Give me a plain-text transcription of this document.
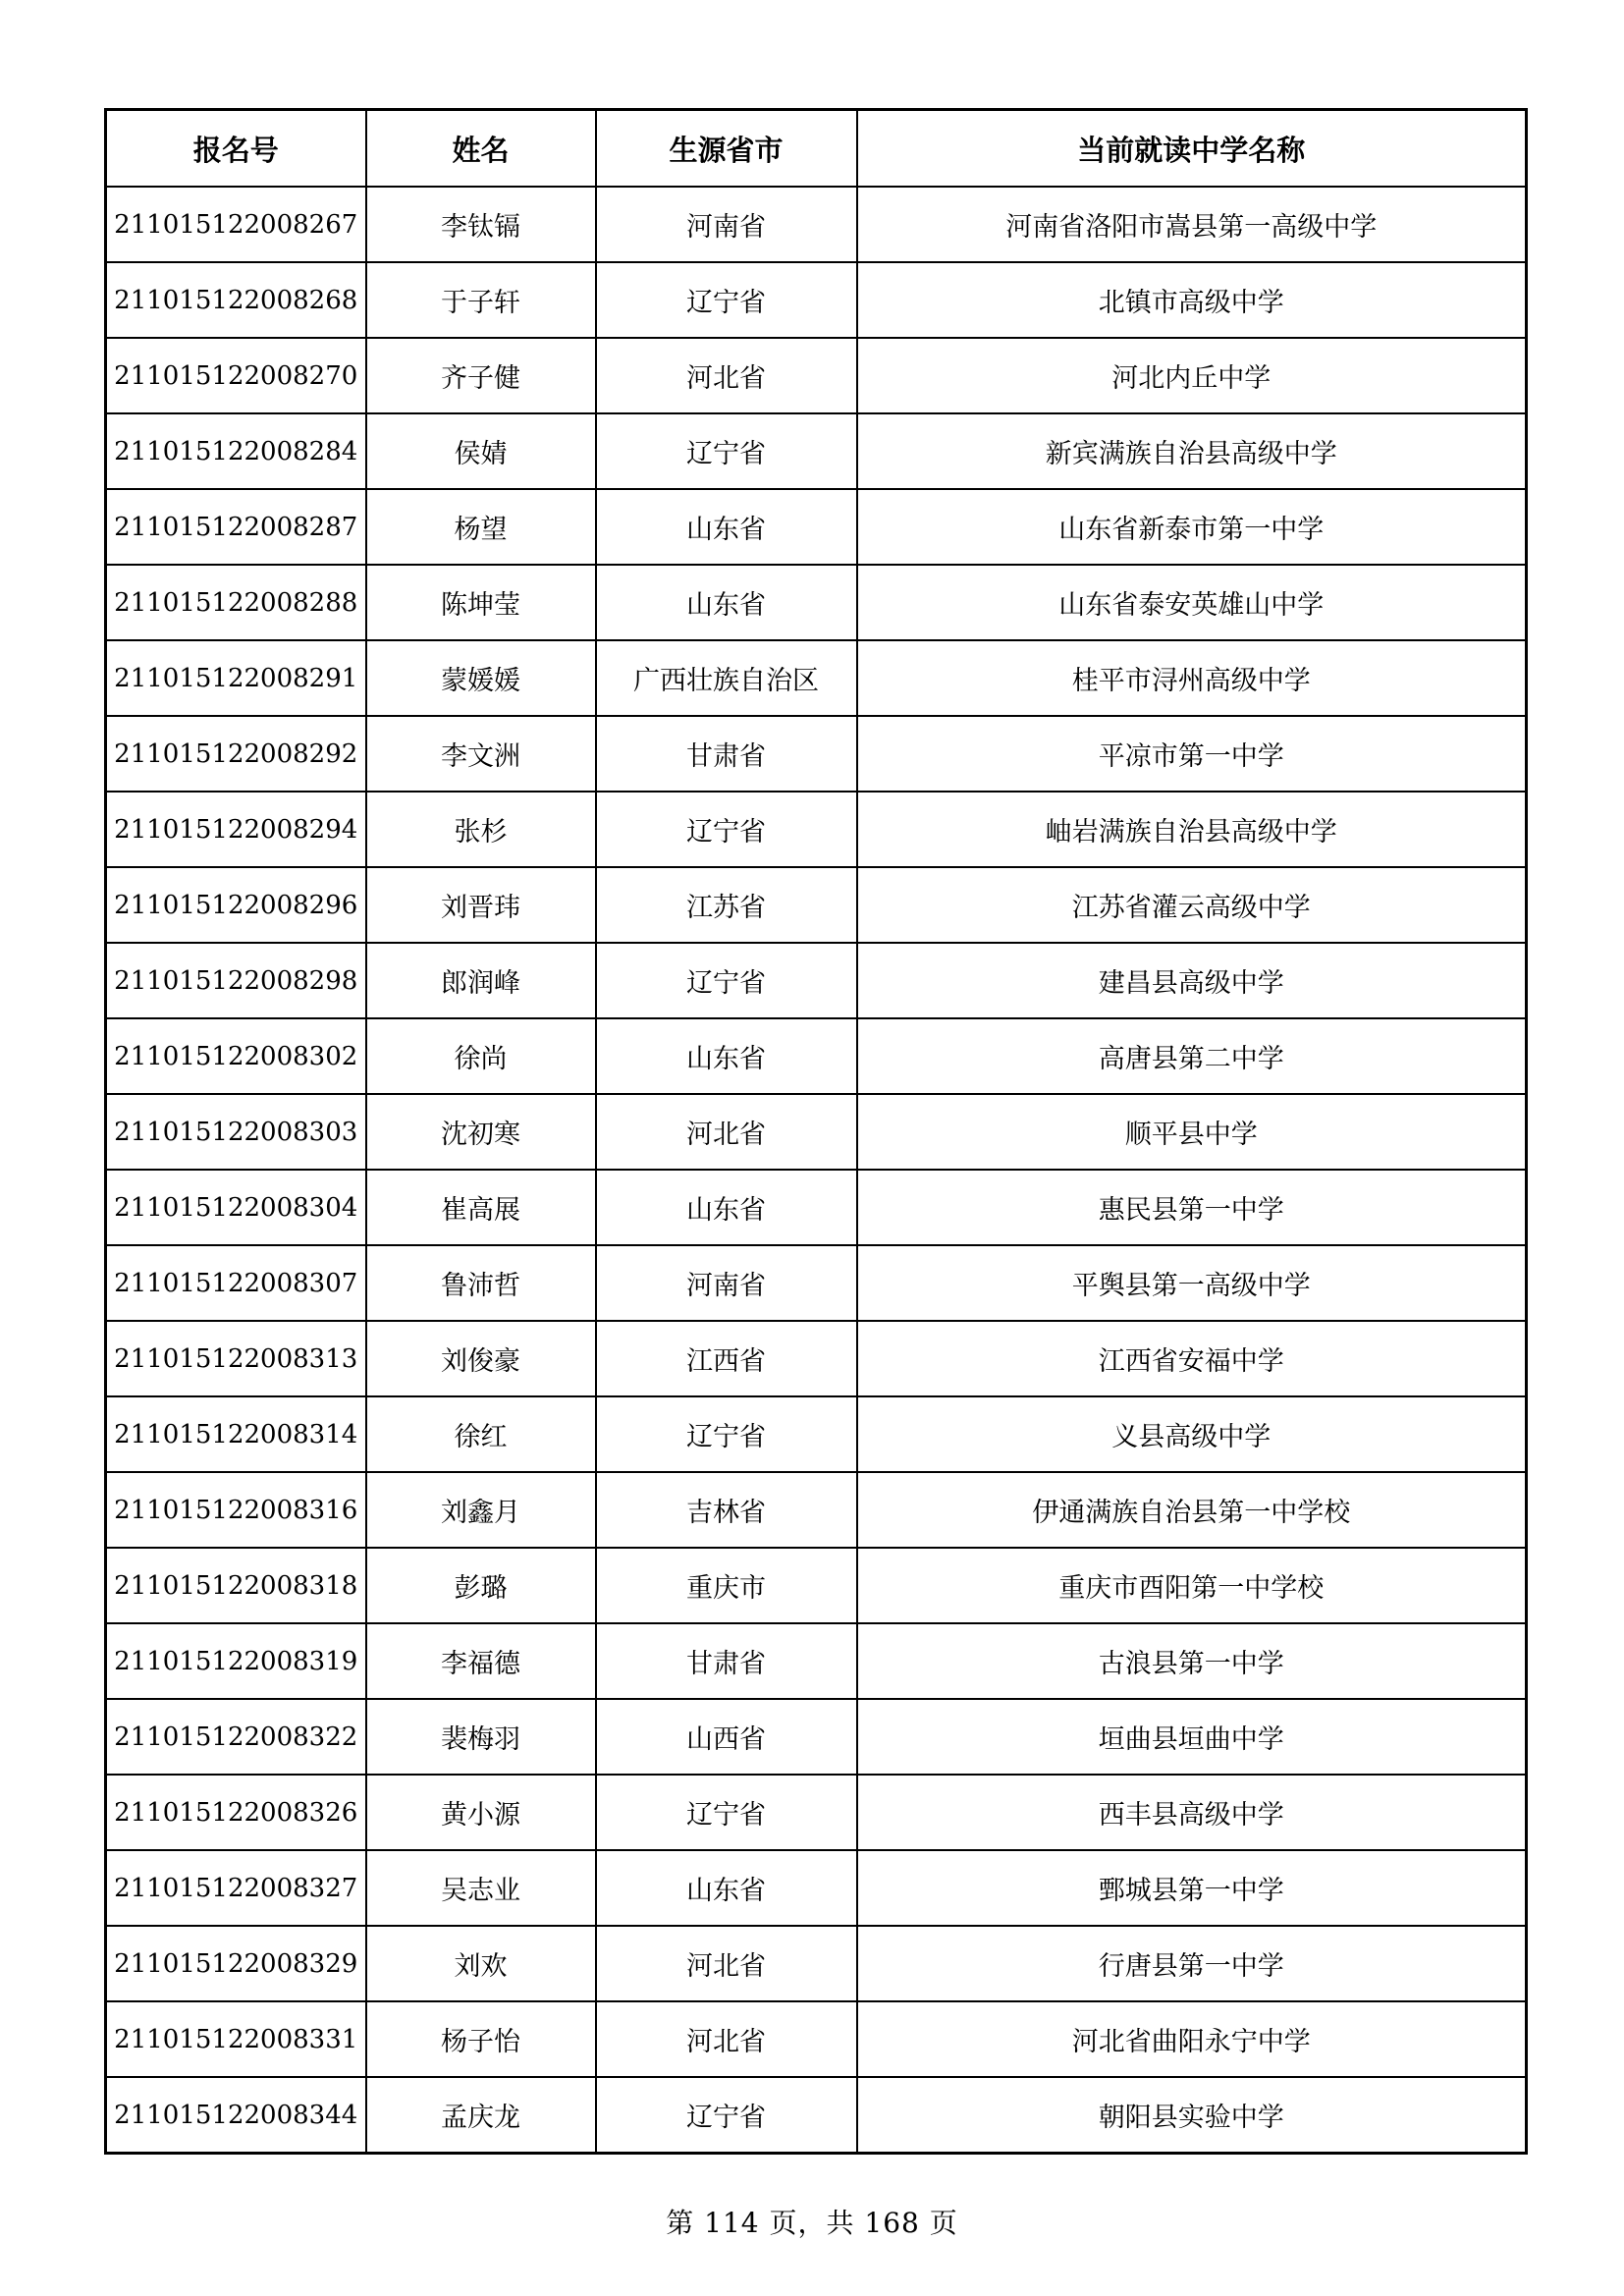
报名号	姓名	生源省市	当前就读中学名称
211015122008267	李钛镉	河南省	河南省洛阳市嵩县第一高级中学
211015122008268	于子轩	辽宁省	北镇市高级中学
211015122008270	齐子健	河北省	河北内丘中学
211015122008284	侯婧	辽宁省	新宾满族自治县高级中学
211015122008287	杨望	山东省	山东省新泰市第一中学
211015122008288	陈坤莹	山东省	山东省泰安英雄山中学
211015122008291	蒙媛媛	广西壮族自治区	桂平市浔州高级中学
211015122008292	李文洲	甘肃省	平凉市第一中学
211015122008294	张杉	辽宁省	岫岩满族自治县高级中学
211015122008296	刘晋玮	江苏省	江苏省灌云高级中学
211015122008298	郎润峰	辽宁省	建昌县高级中学
211015122008302	徐尚	山东省	高唐县第二中学
211015122008303	沈初寒	河北省	顺平县中学
211015122008304	崔高展	山东省	惠民县第一中学
211015122008307	鲁沛哲	河南省	平舆县第一高级中学
211015122008313	刘俊豪	江西省	江西省安福中学
211015122008314	徐红	辽宁省	义县高级中学
211015122008316	刘鑫月	吉林省	伊通满族自治县第一中学校
211015122008318	彭璐	重庆市	重庆市酉阳第一中学校
211015122008319	李福德	甘肃省	古浪县第一中学
211015122008322	裴梅羽	山西省	垣曲县垣曲中学
211015122008326	黄小源	辽宁省	西丰县高级中学
211015122008327	吴志业	山东省	鄄城县第一中学
211015122008329	刘欢	河北省	行唐县第一中学
211015122008331	杨子怡	河北省	河北省曲阳永宁中学
211015122008344	孟庆龙	辽宁省	朝阳县实验中学
第 114 页，共 168 页
